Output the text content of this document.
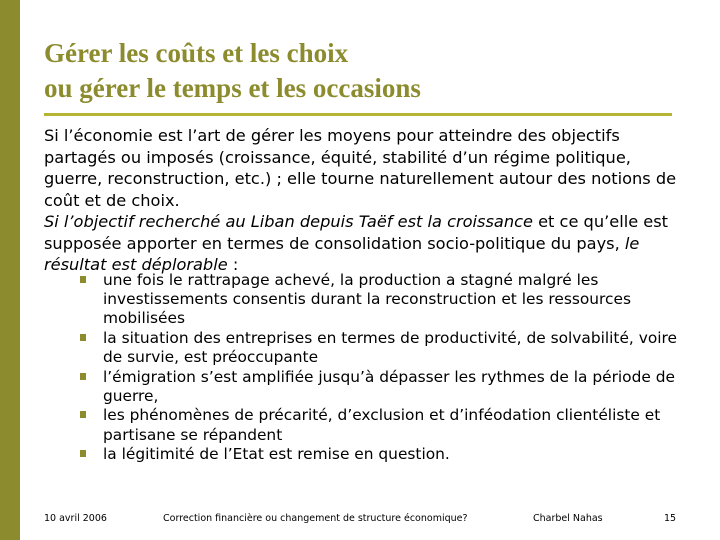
Gérer les coûts et les choix
ou gérer le temps et les occasions

Si l’économie est l’art de gérer les moyens pour atteindre des objectifs partagés ou imposés (croissance, équité, stabilité d’un régime politique, guerre, reconstruction, etc.) ; elle tourne naturellement autour des notions de coût et de choix.

Si l’objectif recherché au Liban depuis Taëf est la croissance et ce qu’elle est supposée apporter en termes de consolidation socio-politique du pays, le résultat est déplorable :

une fois le rattrapage achevé, la production a stagné malgré les investissements consentis durant la reconstruction et les ressources mobilisées
la situation des entreprises en termes de productivité, de solvabilité, voire de survie, est préoccupante
l’émigration s’est amplifiée jusqu’à dépasser les rythmes de la période de guerre,
les phénomènes de précarité, d’exclusion et d’inféodation clientéliste et partisane se répandent
la légitimité de l’Etat est remise en question.
10 avril 2006	Correction financière ou changement de structure économique?	Charbel Nahas	15
